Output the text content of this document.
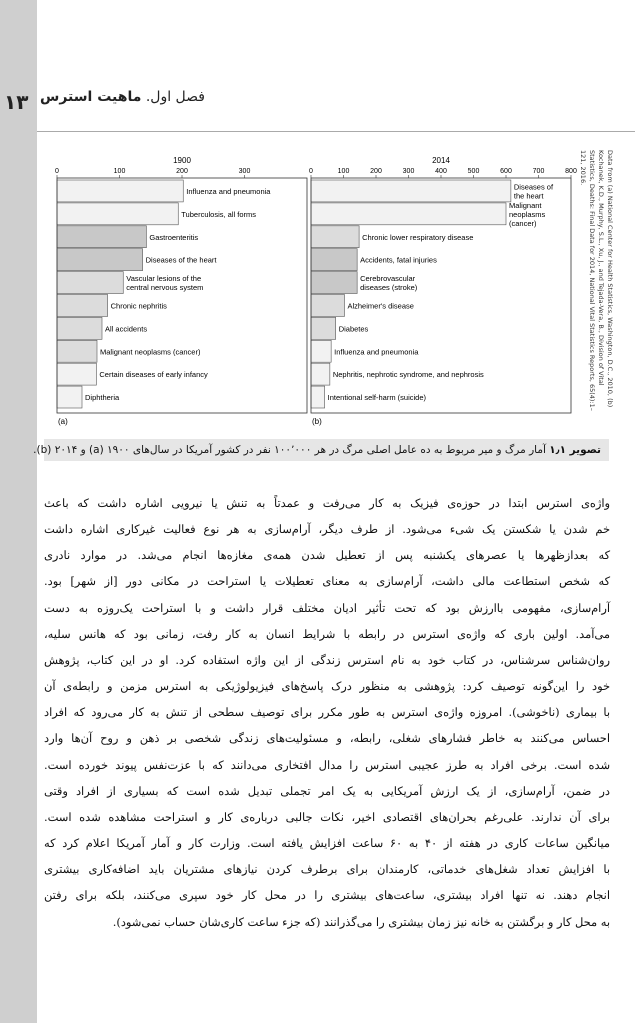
۱۳	فصل اول. ماهیت استرس
1900
0	100	200	300
Influenza and pneumonia
Tuberculosis, all forms
Gastroenteritis
Diseases of the heart
Vascular lesions of the
central nervous system
Chronic nephritis
All accidents
Malignant neoplasms (cancer)
Certain diseases of early infancy
Diphtheria
(a)
2014
0	100	200	300	400	500	600	700	800
Diseases of
the heart
Malignant
neoplasms
(cancer)
Chronic lower respiratory disease
Accidents, fatal injuries
Cerebrovascular
diseases (stroke)
Alzheimer's disease
Diabetes
Influenza and pneumonia
Nephritis, nephrotic syndrome, and nephrosis
Intentional self-harm (suicide)
(b)
Data from (a) National Center for Health Statistics, Washington, D.C., 2010, (b) Kochanek, K.D., Murphy, S.L., Xu, J., and Tejada-Vera, B., Division of Vital Statistics, Deaths: Final Data for 2014, National Vital Statistics Reports, 65(4):1–121, 2016.
تصویر ۱٫۱ آمار مرگ و میر مربوط به ده عامل اصلی مرگ در هر ۱۰۰٬۰۰۰ نفر در کشور آمریکا در سال‌های ۱۹۰۰ (a) و ۲۰۱۴ (b).

واژه‌ی استرس ابتدا در حوزه‌ی فیزیک به کار می‌رفت و عمدتاً به تنش یا نیرویی اشاره داشت که باعث

خم شدن یا شکستن یک شیء می‌شود. از طرف دیگر، آرام‌سازی به هر نوع فعالیت غیرکاری اشاره داشت

که بعدازظهرها یا عصرهای یکشنبه پس از تعطیل شدن همه‌ی مغازه‌ها انجام می‌شد. در موارد نادری

که شخص استطاعت مالی داشت، آرام‌سازی به معنای تعطیلات یا استراحت در مکانی دور [از شهر] بود.

آرام‌سازی، مفهومی باارزش بود که تحت تأثیر ادیان مختلف قرار داشت و با استراحت یک‌روزه به دست

می‌آمد. اولین باری که واژه‌ی استرس در رابطه با شرایط انسان به کار رفت، زمانی بود که هانس سلیه،

روان‌شناس سرشناس، در کتاب خود به نام استرس زندگی از این واژه استفاده کرد. او در این کتاب، پژوهش

خود را این‌گونه توصیف کرد: پژوهشی به منظور درک پاسخ‌های فیزیولوژیکی به استرس مزمن و رابطه‌ی آن

با بیماری (ناخوشی). امروزه واژه‌ی استرس به طور مکرر برای توصیف سطحی از تنش به کار می‌رود که افراد

احساس می‌کنند به خاطر فشارهای شغلی، رابطه، و مسئولیت‌های زندگی شخصی بر ذهن و روح آن‌ها وارد

شده است. برخی افراد به طرز عجیبی استرس را مدال افتخاری می‌دانند که با عزت‌نفس پیوند خورده است.

در ضمن، آرام‌سازی، از یک ارزش آمریکایی به یک امر تجملی تبدیل شده است که بسیاری از افراد وقتی

برای آن ندارند. علی‌رغم بحران‌های اقتصادی اخیر، نکات جالبی درباره‌ی کار و استراحت مشاهده شده است.

میانگین ساعات کاری در هفته از ۴۰ به ۶۰ ساعت افزایش یافته است. وزارت کار و آمار آمریکا اعلام کرد که

با افزایش تعداد شغل‌های خدماتی، کارمندان برای برطرف کردن نیازهای مشتریان باید اضافه‌کاری بیشتری

انجام دهند. نه تنها افراد بیشتری، ساعت‌های بیشتری را در محل کار خود سپری می‌کنند، بلکه برای رفتن

به محل کار و برگشتن به خانه نیز زمان بیشتری را می‌گذرانند (که جزء ساعت کاری‌شان حساب نمی‌شود).
